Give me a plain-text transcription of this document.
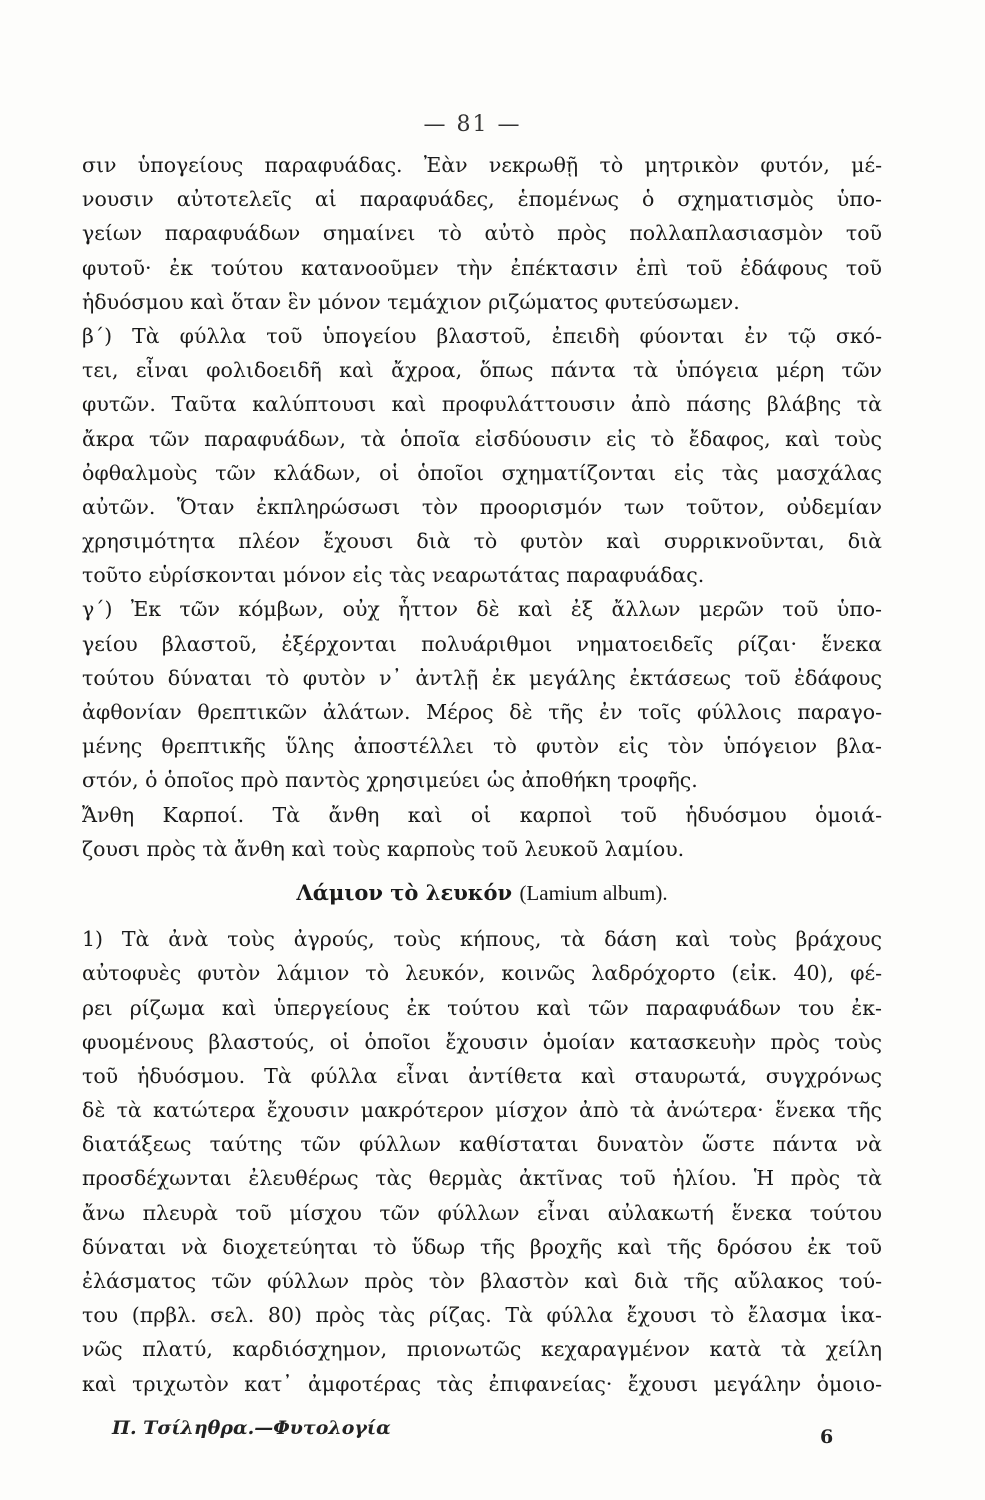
— 81 —
σιν ὑπογείους παραφυάδας. Ἐὰν νεκρωθῇ τὸ μητρικὸν φυτόν, μέ-
νουσιν αὐτοτελεῖς αἱ παραφυάδες, ἑπομένως ὁ σχηματισμὸς ὑπο-
γείων παραφυάδων σημαίνει τὸ αὐτὸ πρὸς πολλαπλασιασμὸν τοῦ
φυτοῦ· ἐκ τούτου κατανοοῦμεν τὴν ἐπέκτασιν ἐπὶ τοῦ ἐδάφους τοῦ
ἡδυόσμου καὶ ὅταν ἓν μόνον τεμάχιον ριζώματος φυτεύσωμεν.
β΄) Τὰ φύλλα τοῦ ὑπογείου βλαστοῦ, ἐπειδὴ φύονται ἐν τῷ σκό-
τει, εἶναι φολιδοειδῆ καὶ ἄχροα, ὅπως πάντα τὰ ὑπόγεια μέρη τῶν
φυτῶν. Ταῦτα καλύπτουσι καὶ προφυλάττουσιν ἀπὸ πάσης βλάβης τὰ
ἄκρα τῶν παραφυάδων, τὰ ὁποῖα εἰσδύουσιν εἰς τὸ ἔδαφος, καὶ τοὺς
ὀφθαλμοὺς τῶν κλάδων, οἱ ὁποῖοι σχηματίζονται εἰς τὰς μασχάλας
αὐτῶν. Ὅταν ἐκπληρώσωσι τὸν προορισμόν των τοῦτον, οὐδεμίαν
χρησιμότητα πλέον ἔχουσι διὰ τὸ φυτὸν καὶ συρρικνοῦνται, διὰ
τοῦτο εὑρίσκονται μόνον εἰς τὰς νεαρωτάτας παραφυάδας.
γ΄) Ἐκ τῶν κόμβων, οὐχ ἧττον δὲ καὶ ἐξ ἄλλων μερῶν τοῦ ὑπο-
γείου βλαστοῦ, ἐξέρχονται πολυάριθμοι νηματοειδεῖς ρίζαι· ἕνεκα
τούτου δύναται τὸ φυτὸν ν᾽ ἀντλῇ ἐκ μεγάλης ἐκτάσεως τοῦ ἐδάφους
ἀφθονίαν θρεπτικῶν ἀλάτων. Μέρος δὲ τῆς ἐν τοῖς φύλλοις παραγο-
μένης θρεπτικῆς ὕλης ἀποστέλλει τὸ φυτὸν εἰς τὸν ὑπόγειον βλα-
στόν, ὁ ὁποῖος πρὸ παντὸς χρησιμεύει ὡς ἀποθήκη τροφῆς.
Ἄνθη Καρποί. Τὰ ἄνθη καὶ οἱ καρποὶ τοῦ ἡδυόσμου ὁμοιά-
ζουσι πρὸς τὰ ἄνθη καὶ τοὺς καρποὺς τοῦ λευκοῦ λαμίου.
Λάμιον τὸ λευκόν (Lamium album).
1) Τὰ ἀνὰ τοὺς ἀγρούς, τοὺς κήπους, τὰ δάση καὶ τοὺς βράχους
αὐτοφυὲς φυτὸν λάμιον τὸ λευκόν, κοινῶς λαδρόχορτο (εἰκ. 40), φέ-
ρει ρίζωμα καὶ ὑπεργείους ἐκ τούτου καὶ τῶν παραφυάδων του ἐκ-
φυομένους βλαστούς, οἱ ὁποῖοι ἔχουσιν ὁμοίαν κατασκευὴν πρὸς τοὺς
τοῦ ἡδυόσμου. Τὰ φύλλα εἶναι ἀντίθετα καὶ σταυρωτά, συγχρόνως
δὲ τὰ κατώτερα ἔχουσιν μακρότερον μίσχον ἀπὸ τὰ ἀνώτερα· ἕνεκα τῆς
διατάξεως ταύτης τῶν φύλλων καθίσταται δυνατὸν ὥστε πάντα νὰ
προσδέχωνται ἐλευθέρως τὰς θερμὰς ἀκτῖνας τοῦ ἡλίου. Ἡ πρὸς τὰ
ἄνω πλευρὰ τοῦ μίσχου τῶν φύλλων εἶναι αὐλακωτή ἕνεκα τούτου
δύναται νὰ διοχετεύηται τὸ ὕδωρ τῆς βροχῆς καὶ τῆς δρόσου ἐκ τοῦ
ἐλάσματος τῶν φύλλων πρὸς τὸν βλαστὸν καὶ διὰ τῆς αὔλακος τού-
του (πρβλ. σελ. 80) πρὸς τὰς ρίζας. Τὰ φύλλα ἔχουσι τὸ ἔλασμα ἱκα-
νῶς πλατύ, καρδιόσχημον, πριονωτῶς κεχαραγμένον κατὰ τὰ χείλη
καὶ τριχωτὸν κατ᾽ ἀμφοτέρας τὰς ἐπιφανείας· ἔχουσι μεγάλην ὁμοιο-
Π. Τσίληθρα.—Φυτολογία	6
